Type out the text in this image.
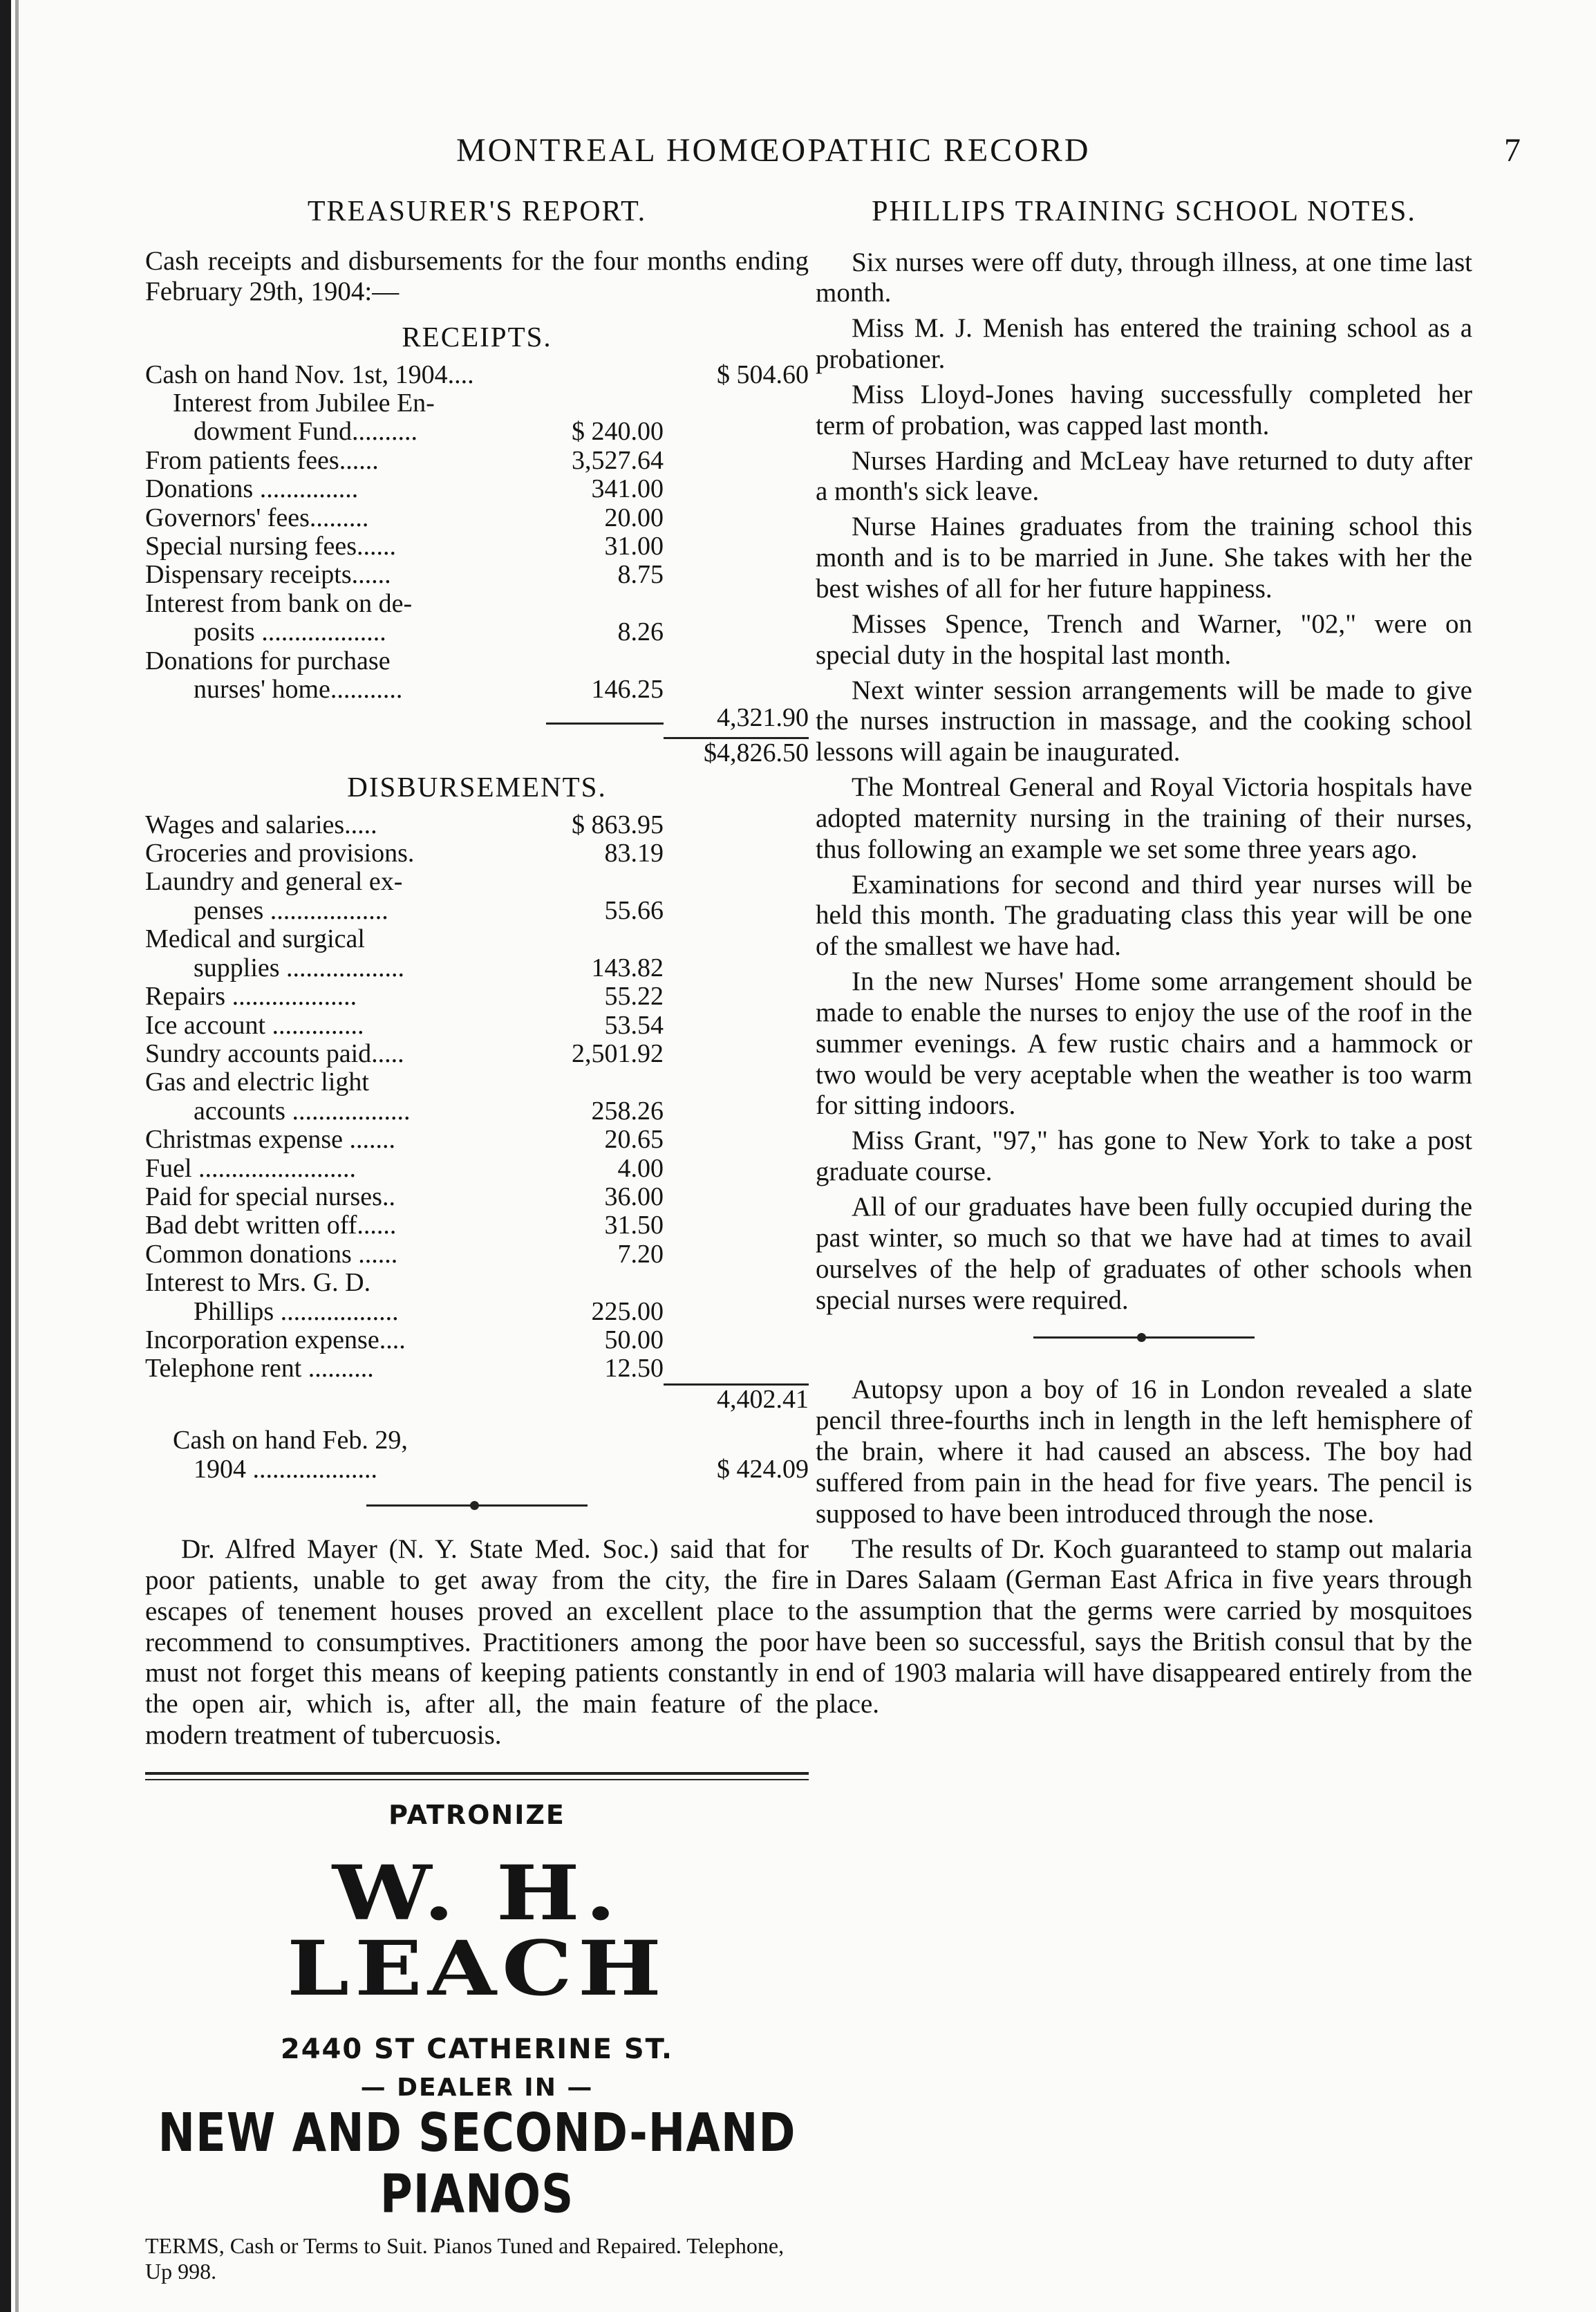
MONTREAL HOMŒOPATHIC RECORD	7
TREASURER'S REPORT.

Cash receipts and disbursements for the four months ending February 29th, 1904:—

RECEIPTS.
Cash on hand Nov. 1st, 1904....	$ 504.60
Interest from Jubilee En-
dowment Fund..........	$ 240.00
From patients fees......	3,527.64
Donations ...............	341.00
Governors' fees.........	20.00
Special nursing fees......	31.00
Dispensary receipts......	8.75
Interest from bank on de-
posits ...................	8.26
Donations for purchase
nurses' home...........	146.25
4,321.90
$4,826.50
DISBURSEMENTS.
Wages and salaries.....	$ 863.95
Groceries and provisions.	83.19
Laundry and general ex-
penses ..................	55.66
Medical and surgical
supplies ..................	143.82
Repairs ...................	55.22
Ice account ..............	53.54
Sundry accounts paid.....	2,501.92
Gas and electric light
accounts ..................	258.26
Christmas expense .......	20.65
Fuel ........................	4.00
Paid for special nurses..	36.00
Bad debt written off......	31.50
Common donations ......	7.20
Interest to Mrs. G. D.
Phillips ..................	225.00
Incorporation expense....	50.00
Telephone rent ..........	12.50
4,402.41
Cash on hand Feb. 29,
1904 ...................	$ 424.09

Dr. Alfred Mayer (N. Y. State Med. Soc.) said that for poor patients, unable to get away from the city, the fire escapes of tenement houses proved an excellent place to recommend to consumptives. Practitioners among the poor must not forget this means of keeping patients constantly in the open air, which is, after all, the main feature of the modern treatment of tubercuosis.

PATRONIZE
W. H. LEACH
2440 ST CATHERINE ST.
— DEALER IN —
NEW AND SECOND-HAND PIANOS
TERMS, Cash or Terms to Suit. Pianos Tuned and Repaired. Telephone, Up 998.
PHILLIPS TRAINING SCHOOL NOTES.

Six nurses were off duty, through illness, at one time last month.

Miss M. J. Menish has entered the training school as a probationer.

Miss Lloyd-Jones having successfully completed her term of probation, was capped last month.

Nurses Harding and McLeay have returned to duty after a month's sick leave.

Nurse Haines graduates from the training school this month and is to be married in June. She takes with her the best wishes of all for her future happiness.

Misses Spence, Trench and Warner, "02," were on special duty in the hospital last month.

Next winter session arrangements will be made to give the nurses instruction in massage, and the cooking school lessons will again be inaugurated.

The Montreal General and Royal Victoria hospitals have adopted maternity nursing in the training of their nurses, thus following an example we set some three years ago.

Examinations for second and third year nurses will be held this month. The graduating class this year will be one of the smallest we have had.

In the new Nurses' Home some arrangement should be made to enable the nurses to enjoy the use of the roof in the summer evenings. A few rustic chairs and a hammock or two would be very aceptable when the weather is too warm for sitting indoors.

Miss Grant, "97," has gone to New York to take a post graduate course.

All of our graduates have been fully occupied during the past winter, so much so that we have had at times to avail ourselves of the help of graduates of other schools when special nurses were required.

Autopsy upon a boy of 16 in London revealed a slate pencil three-fourths inch in length in the left hemisphere of the brain, where it had caused an abscess. The boy had suffered from pain in the head for five years. The pencil is supposed to have been introduced through the nose.

The results of Dr. Koch guaranteed to stamp out malaria in Dares Salaam (German East Africa in five years through the assumption that the germs were carried by mosquitoes have been so successful, says the British consul that by the end of 1903 malaria will have disappeared entirely from the place.
